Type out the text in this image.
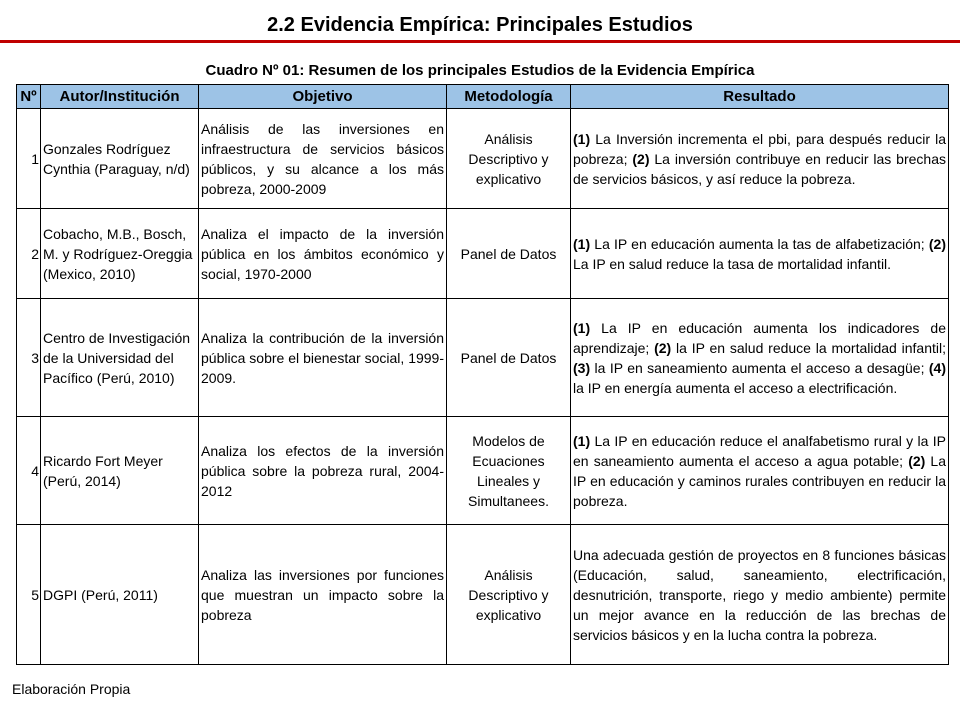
2.2 Evidencia Empírica: Principales Estudios
Cuadro Nº 01: Resumen de los principales Estudios de la Evidencia Empírica
Nº	Autor/Institución	Objetivo	Metodología	Resultado
1	Gonzales Rodríguez Cynthia (Paraguay, n/d)	Análisis de las inversiones en infraestructura de servicios básicos públicos, y su alcance a los más pobreza, 2000-2009	Análisis Descriptivo y explicativo	(1) La Inversión incrementa el pbi, para después reducir la pobreza; (2) La inversión contribuye en reducir las brechas de servicios básicos, y así reduce la pobreza.
2	Cobacho, M.B., Bosch, M. y Rodríguez-Oreggia (Mexico, 2010)	Analiza el impacto de la inversión pública en los ámbitos económico y social, 1970-2000	Panel de Datos	(1) La IP en educación aumenta la tas de alfabetización; (2) La IP en salud reduce la tasa de mortalidad infantil.
3	Centro de Investigación de la Universidad del Pacífico (Perú, 2010)	Analiza la contribución de la inversión pública sobre el bienestar social, 1999-2009.	Panel de Datos	(1) La IP en educación aumenta los indicadores de aprendizaje; (2) la IP en salud reduce la mortalidad infantil; (3) la IP en saneamiento aumenta el acceso a desagüe; (4) la IP en energía aumenta el acceso a electrificación.
4	Ricardo Fort Meyer (Perú, 2014)	Analiza los efectos de la inversión pública sobre la pobreza rural, 2004-2012	Modelos de Ecuaciones Lineales y Simultanees.	(1) La IP en educación reduce el analfabetismo rural y la IP en saneamiento aumenta el acceso a agua potable; (2) La IP en educación y caminos rurales contribuyen en reducir la pobreza.
5	DGPI (Perú, 2011)	Analiza las inversiones por funciones que muestran un impacto sobre la pobreza	Análisis Descriptivo y explicativo	Una adecuada gestión de proyectos en 8 funciones básicas (Educación, salud, saneamiento, electrificación, desnutrición, transporte, riego y medio ambiente) permite un mejor avance en la reducción de las brechas de servicios básicos y en la lucha contra la pobreza.
Elaboración Propia
